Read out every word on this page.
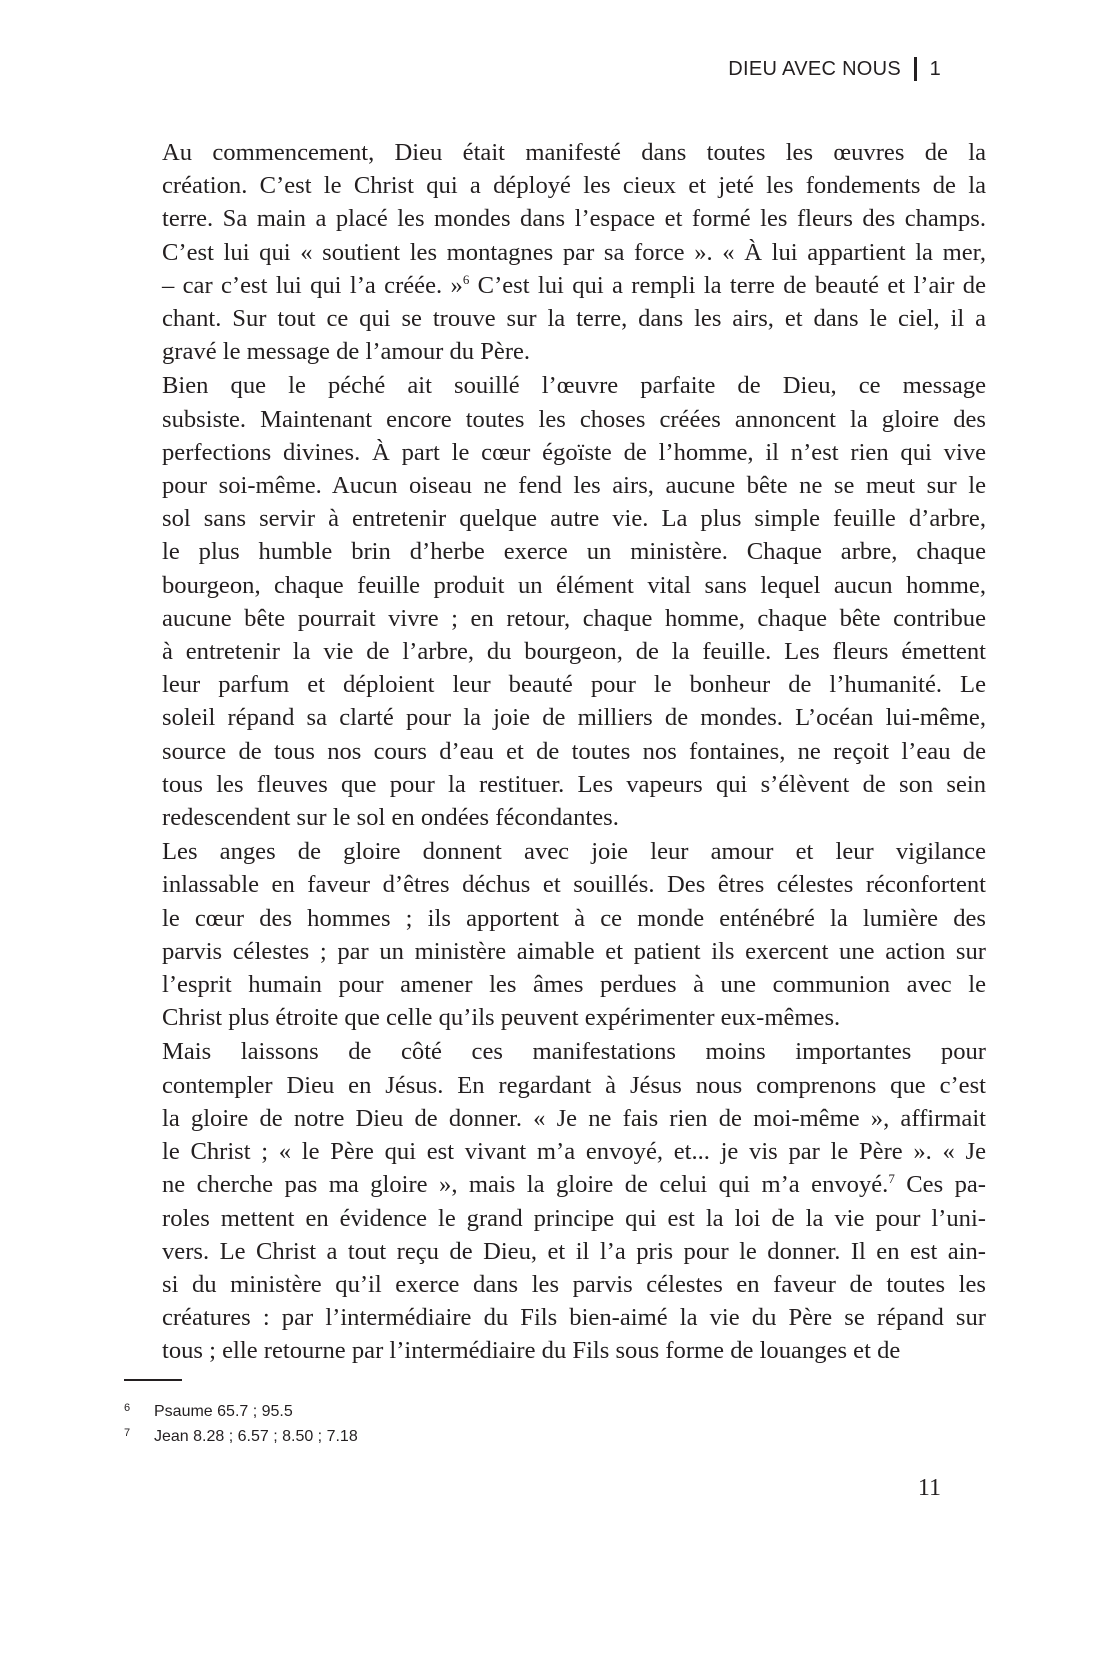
DIEU AVEC NOUS 1

Au commencement, Dieu était manifesté dans toutes les œuvres de la
création. C’est le Christ qui a déployé les cieux et jeté les fondements de la
terre. Sa main a placé les mondes dans l’espace et formé les fleurs des champs.
C’est lui qui « soutient les montagnes par sa force ». « À lui appartient la mer,
– car c’est lui qui l’a créée. »$^6$ C’est lui qui a rempli la terre de beauté et l’air de
chant. Sur tout ce qui se trouve sur la terre, dans les airs, et dans le ciel, il a
gravé le message de l’amour du Père.

Bien que le péché ait souillé l’œuvre parfaite de Dieu, ce message
subsiste. Maintenant encore toutes les choses créées annoncent la gloire des
perfections divines. À part le cœur égoïste de l’homme, il n’est rien qui vive
pour soi-même. Aucun oiseau ne fend les airs, aucune bête ne se meut sur le
sol sans servir à entretenir quelque autre vie. La plus simple feuille d’arbre,
le plus humble brin d’herbe exerce un ministère. Chaque arbre, chaque
bourgeon, chaque feuille produit un élément vital sans lequel aucun homme,
aucune bête pourrait vivre ; en retour, chaque homme, chaque bête contribue
à entretenir la vie de l’arbre, du bourgeon, de la feuille. Les fleurs émettent
leur parfum et déploient leur beauté pour le bonheur de l’humanité. Le
soleil répand sa clarté pour la joie de milliers de mondes. L’océan lui-même,
source de tous nos cours d’eau et de toutes nos fontaines, ne reçoit l’eau de
tous les fleuves que pour la restituer. Les vapeurs qui s’élèvent de son sein
redescendent sur le sol en ondées fécondantes.

Les anges de gloire donnent avec joie leur amour et leur vigilance
inlassable en faveur d’êtres déchus et souillés. Des êtres célestes réconfortent
le cœur des hommes ; ils apportent à ce monde enténébré la lumière des
parvis célestes ; par un ministère aimable et patient ils exercent une action sur
l’esprit humain pour amener les âmes perdues à une communion avec le
Christ plus étroite que celle qu’ils peuvent expérimenter eux-mêmes.

Mais laissons de côté ces manifestations moins importantes pour
contempler Dieu en Jésus. En regardant à Jésus nous comprenons que c’est
la gloire de notre Dieu de donner. « Je ne fais rien de moi-même », affirmait
le Christ ; « le Père qui est vivant m’a envoyé, et... je vis par le Père ». « Je
ne cherche pas ma gloire », mais la gloire de celui qui m’a envoyé.$^7$ Ces pa-
roles mettent en évidence le grand principe qui est la loi de la vie pour l’uni-
vers. Le Christ a tout reçu de Dieu, et il l’a pris pour le donner. Il en est ain-
si du ministère qu’il exerce dans les parvis célestes en faveur de toutes les
créatures : par l’intermédiaire du Fils bien-aimé la vie du Père se répand sur
tous ; elle retourne par l’intermédiaire du Fils sous forme de louanges et de

6	Psaume 65.7 ; 95.5
7	Jean 8.28 ; 6.57 ; 8.50 ; 7.18
11
